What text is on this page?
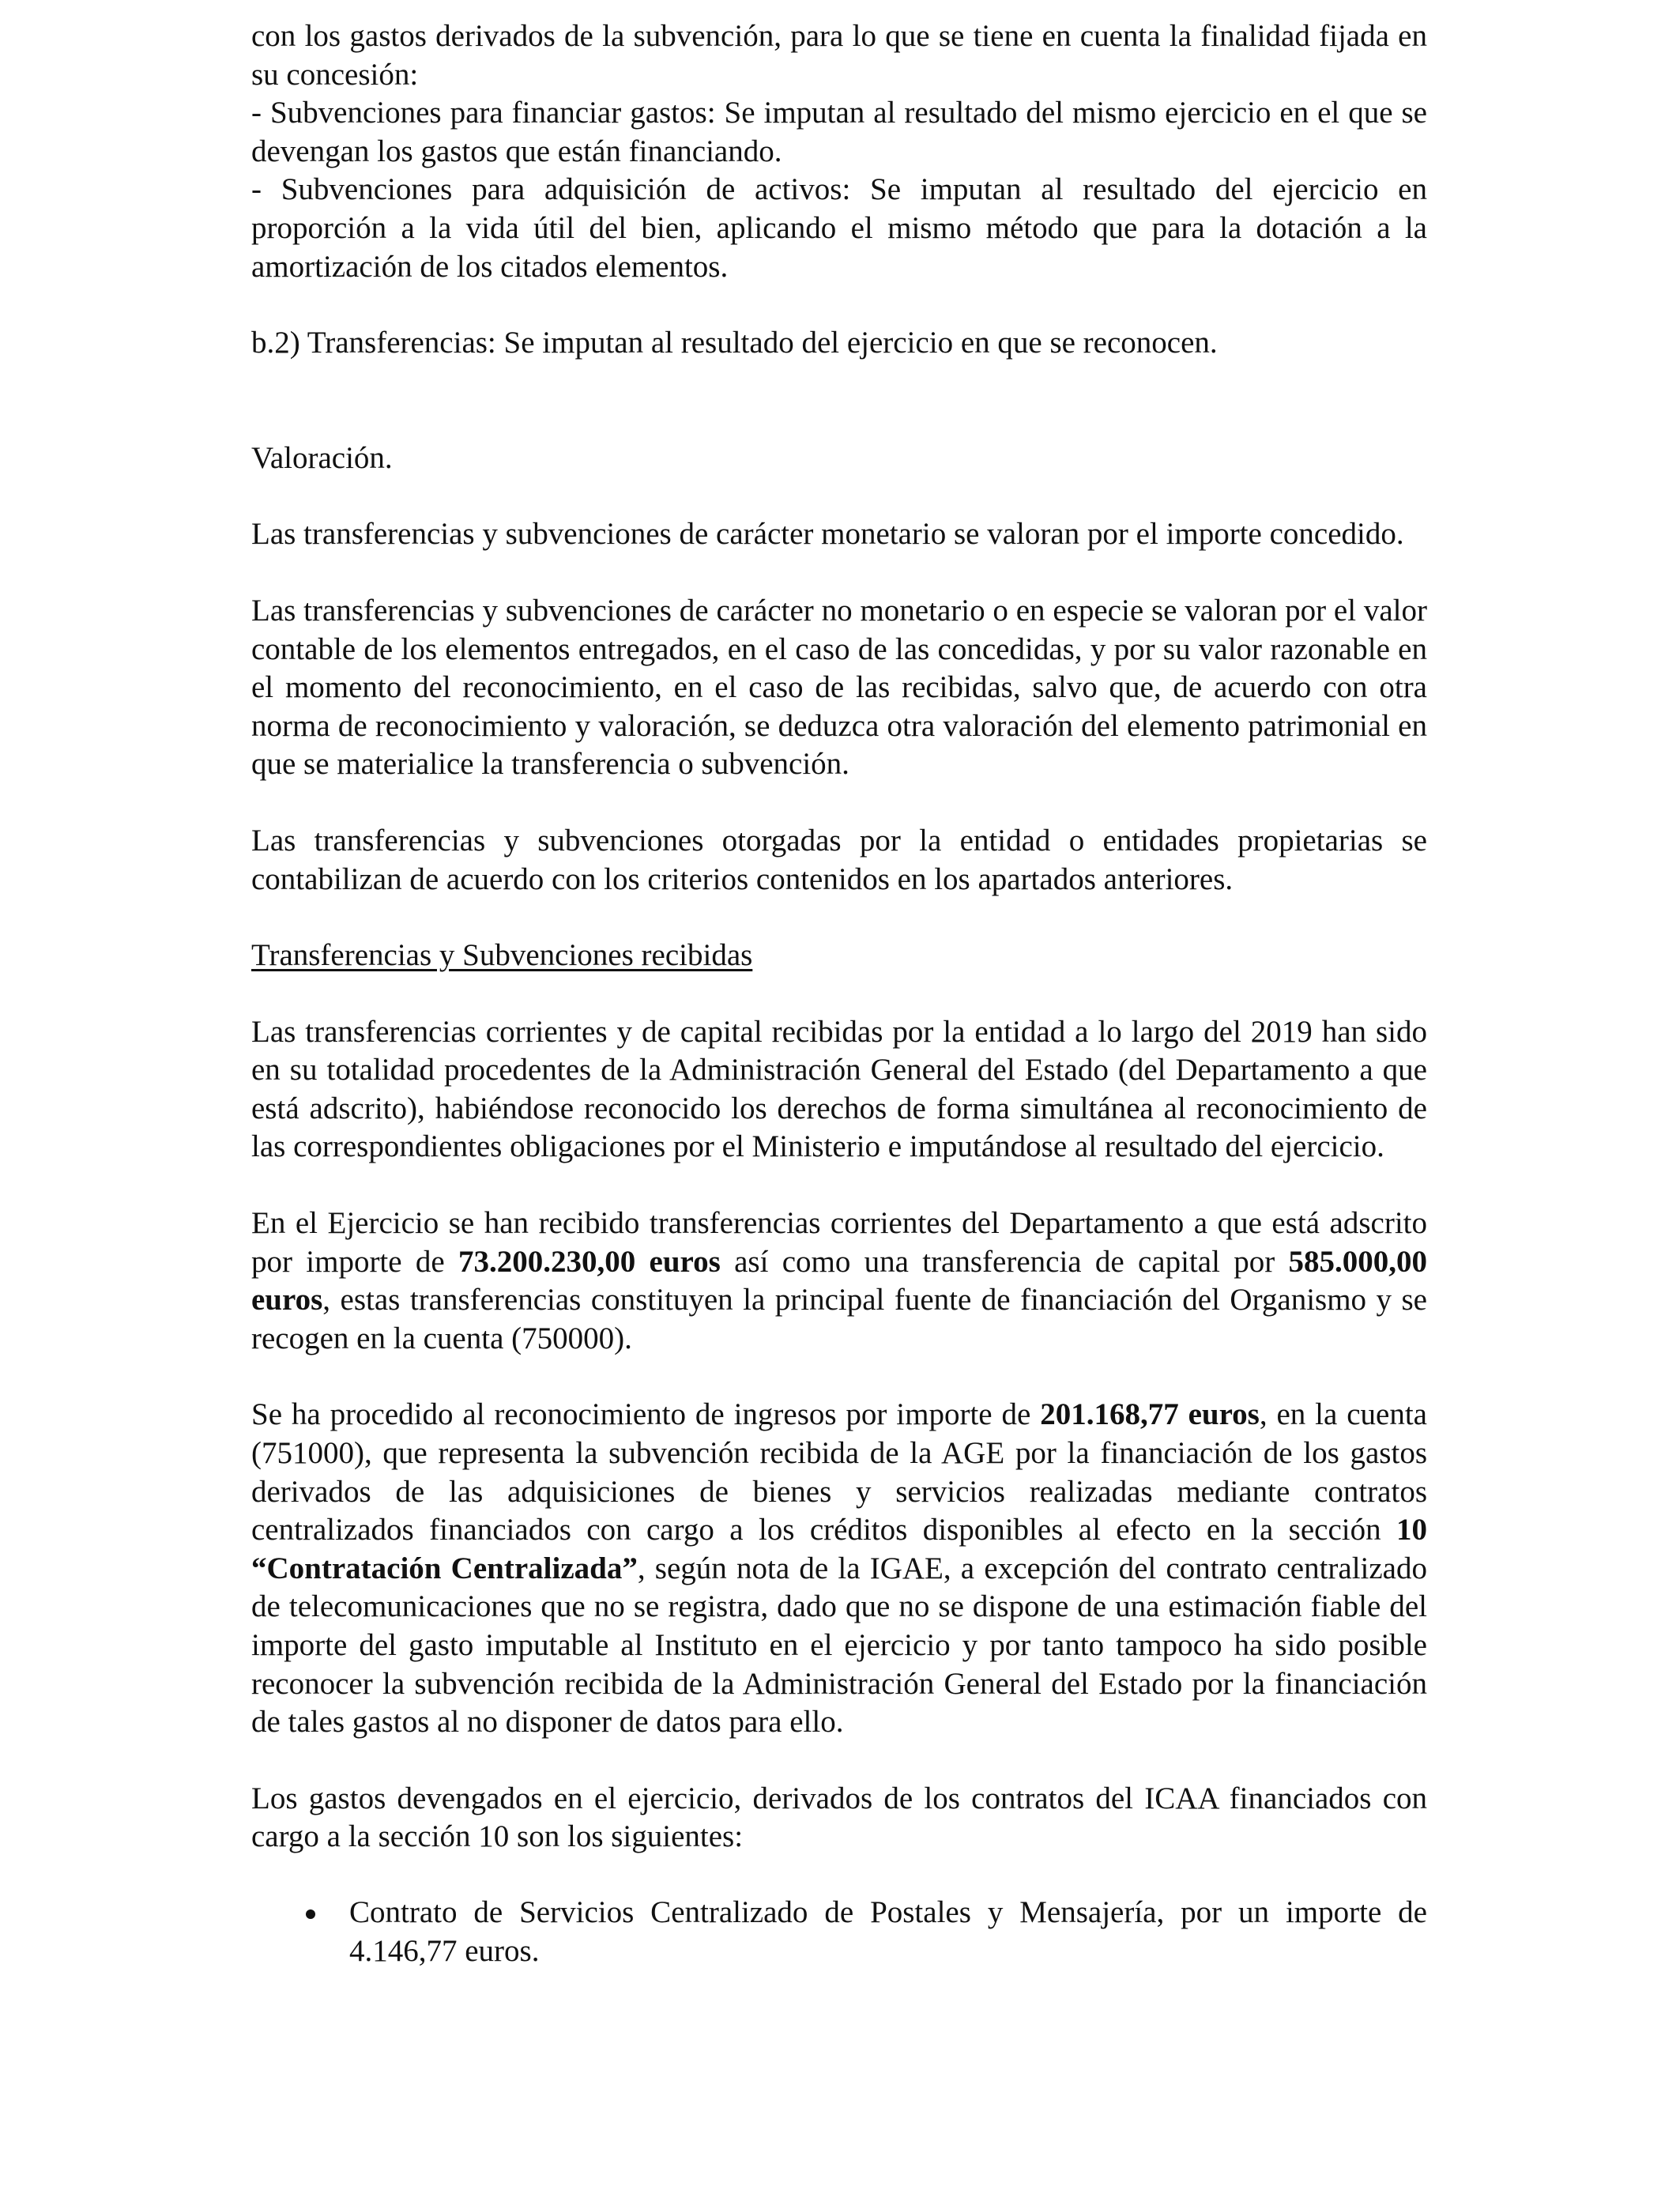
con los gastos derivados de la subvención, para lo que se tiene en cuenta la finalidad fijada en su concesión:

- Subvenciones para financiar gastos: Se imputan al resultado del mismo ejercicio en el que se devengan los gastos que están financiando.

- Subvenciones para adquisición de activos: Se imputan al resultado del ejercicio en proporción a la vida útil del bien, aplicando el mismo método que para la dotación a la amortización de los citados elementos.

b.2) Transferencias: Se imputan al resultado del ejercicio en que se reconocen.

Valoración.

Las transferencias y subvenciones de carácter monetario se valoran por el importe concedido.

Las transferencias y subvenciones de carácter no monetario o en especie se valoran por el valor contable de los elementos entregados, en el caso de las concedidas, y por su valor razonable en el momento del reconocimiento, en el caso de las recibidas, salvo que, de acuerdo con otra norma de reconocimiento y valoración, se deduzca otra valoración del elemento patrimonial en que se materialice la transferencia o subvención.

Las transferencias y subvenciones otorgadas por la entidad o entidades propietarias se contabilizan de acuerdo con los criterios contenidos en los apartados anteriores.

Transferencias y Subvenciones recibidas

Las transferencias corrientes y de capital recibidas por la entidad a lo largo del 2019 han sido en su totalidad procedentes de la Administración General del Estado (del Departamento a que está adscrito), habiéndose reconocido los derechos de forma simultánea al reconocimiento de las correspondientes obligaciones por el Ministerio e imputándose al resultado del ejercicio.

En el Ejercicio se han recibido transferencias corrientes del Departamento a que está adscrito por importe de 73.200.230,00 euros así como una transferencia de capital por 585.000,00 euros, estas transferencias constituyen la principal fuente de financiación del Organismo y se recogen en la cuenta (750000).

Se ha procedido al reconocimiento de ingresos por importe de 201.168,77 euros, en la cuenta (751000), que representa la subvención recibida de la AGE por la financiación de los gastos derivados de las adquisiciones de bienes y servicios realizadas mediante contratos centralizados financiados con cargo a los créditos disponibles al efecto en la sección 10 “Contratación Centralizada”, según nota de la IGAE, a excepción del contrato centralizado de telecomunicaciones que no se registra, dado que no se dispone de una estimación fiable del importe del gasto imputable al Instituto en el ejercicio y por tanto tampoco ha sido posible reconocer la subvención recibida de la Administración General del Estado por la financiación de tales gastos al no disponer de datos para ello.

Los gastos devengados en el ejercicio, derivados de los contratos del ICAA financiados con cargo a la sección 10 son los siguientes:

Contrato de Servicios Centralizado de Postales y Mensajería, por un importe de 4.146,77 euros.
